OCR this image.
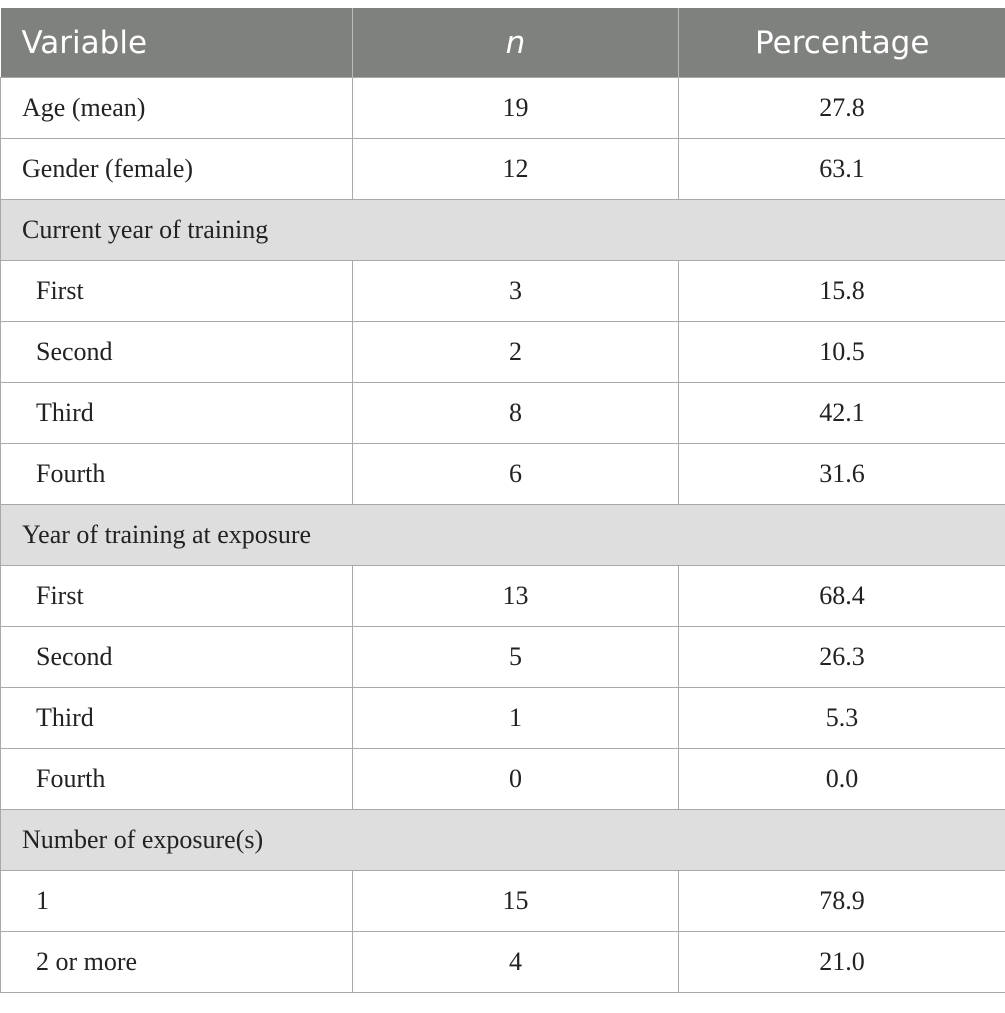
Variable	n	Percentage
Age (mean)	19	27.8
Gender (female)	12	63.1
Current year of training		
First	3	15.8
Second	2	10.5
Third	8	42.1
Fourth	6	31.6
Year of training at exposure		
First	13	68.4
Second	5	26.3
Third	1	5.3
Fourth	0	0.0
Number of exposure(s)		
1	15	78.9
2 or more	4	21.0
